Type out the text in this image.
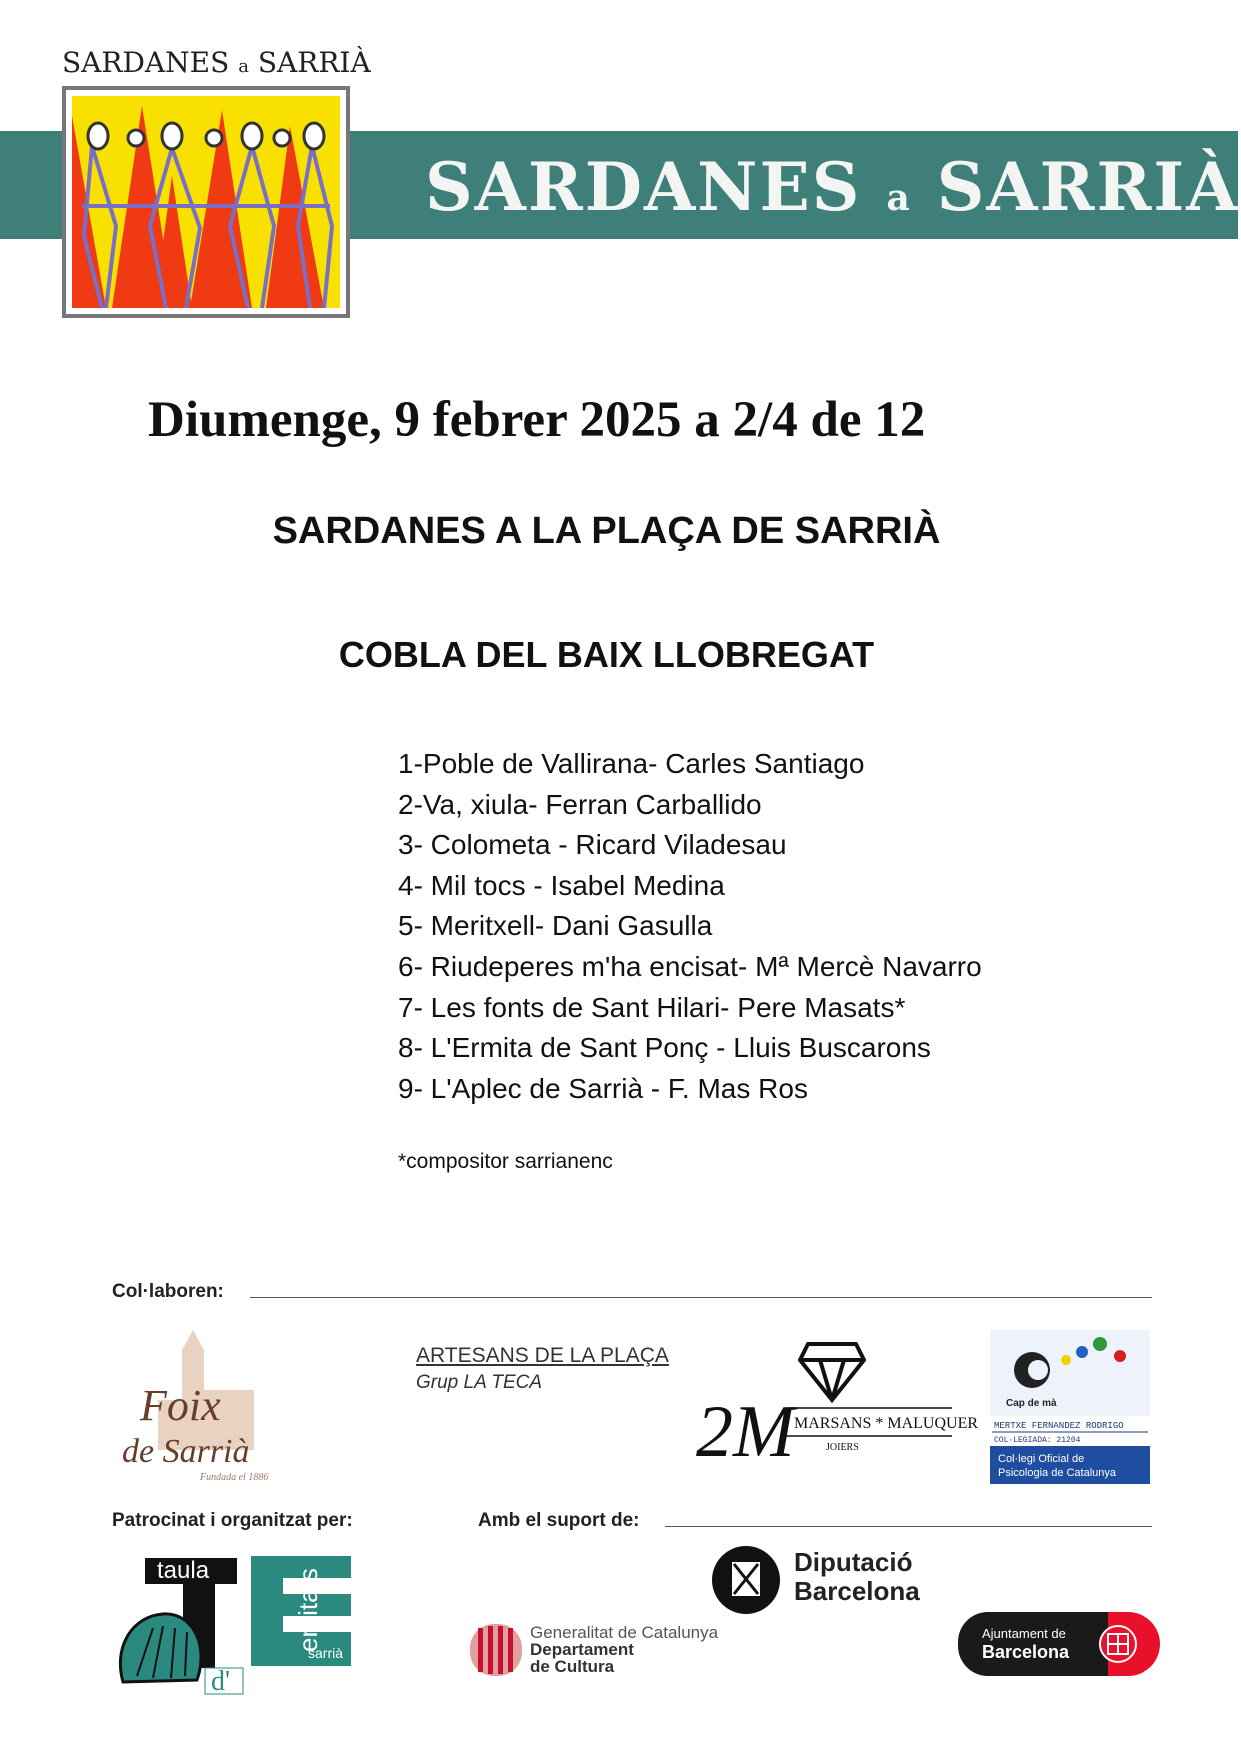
SARDANES a SARRIÀ
SARDANES a SARRIÀ
Diumenge, 9 febrer 2025 a 2/4 de 12
SARDANES A LA PLAÇA DE SARRIÀ
COBLA DEL BAIX LLOBREGAT
1-Poble de Vallirana- Carles Santiago
2-Va, xiula- Ferran Carballido
3- Colometa - Ricard Viladesau
4- Mil tocs - Isabel Medina
5- Meritxell- Dani Gasulla
6- Riudeperes m'ha encisat- Mª Mercè Navarro
7- Les fonts de Sant Hilari- Pere Masats*
8- L'Ermita de Sant Ponç - Lluis Buscarons
9- L'Aplec de Sarrià - F. Mas Ros
*compositor sarrianenc
Col·laboren:
Foix
de Sarrià
Fundada el 1886
ARTESANS DE LA PLAÇA
Grup LA TECA
2M MARSANS * MALUQUER
JOIERS
Cap de mà
MERTXE FERNANDEZ RODRIGO
COL·LEGIADA: 21204
Col·legi Oficial de
Psicologia de Catalunya
Patrocinat i organitzat per:	Amb el suport de:
taula
sarrià
entitats
d'
Diputació
Barcelona
Generalitat de Catalunya
Departament
de Cultura
Ajuntament de
Barcelona
